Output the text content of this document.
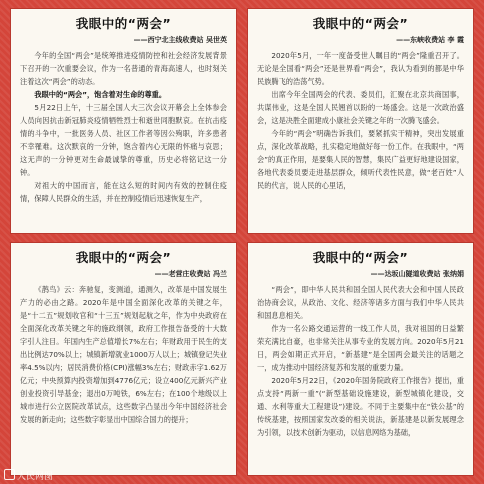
我眼中的“两会”
——西宁北主线收费站 吴世英

今年的全国“两会”是统筹推进疫情防控和社会经济发展背景下召开的一次重要会议，作为一名普通的青海高速人，也时刻关注着这次“两会”的动态。

我眼中的“两会”，饱含着对生命的尊重。

5月22日上午，十三届全国人大三次会议开幕会上全体参会人员向因抗击新冠肺炎疫情牺牲烈士和逝世同胞默哀。在抗击疫情的斗争中，一批医务人员、社区工作者等因公殉职，许多患者不幸罹难。这次默哀的一分钟，饱含着内心无限的怀痛与哀思；这无声的一分钟更对生命最诚挚的尊重，历史必将铭记这一分钟。

对祖大的中国而言，能在这么短的时间内有效的控制住疫情，保障人民群众的生活，并在控制疫情后迅速恢复生产，

我眼中的“两会”
——东峡收费站 李 霞

2020年5月，一年一度备受世人瞩目的“两会”隆重召开了。无论是全国看“两会”还是世界看“两会”，我认为看到的都是中华民族腾飞的浩荡气势。

出席今年全国两会的代表、委员们，汇聚在北京共商国事，共谋伟业，这是全国人民翘首以盼的一场盛会。这是一次政治盛会，这是决胜全面建成小康社会关键之年的一次腾飞盛会。

今年的“两会”明确告诉我们，要紧抓实干精神，突出发展重点，深化改革战略，扎实稳定地做好每一份工作。在我眼中，“两会”的真正作用，是要集人民的智慧，集民广益更好地建设国家，各地代表委员要走进基层群众，倾听代表性民意，做“老百姓”人民的代言，说人民的心里话，

我眼中的“两会”
——老营庄收费站 冯兰

《鹊鸟》云：奔驰复，变测道，通测久，改革是中国发展生产力的必由之路。2020年是中国全面深化改革的关键之年，是“十二五”规划收官和“十三五”规划起航之年，作为中央政府在全面深化改革关键之年的施政纲领，政府工作报告备受的十大数字引人注目。年国内生产总值增长7%左右；年财政用于民生的支出比例达70%以上；城镇新增就业1000万人以上；城镇登记失业率4.5%以内；居民消费价格(CPI)涨幅3%左右；财政赤字1.62万亿元；中央预算内投资增加到4776亿元；设立400亿元新兴产业创业投资引导基金；退出0万吨铁，6%左右；在100个地级以上城市进行公立医院改革试点，这些数字凸显出今年中国经济社会发展的新走向；这些数字彰显出中国综合国力的提升；

我眼中的“两会”
——达坂山隧道收费站 张纳娟

“两会”，即中华人民共和国全国人民代表大会和中国人民政治协商会议，从政治、文化、经济等诸多方面与我们中华人民共和国息息相关。

作为一名公路交通运营的一线工作人员，我对祖国的日益繁荣充满比自豪，也非常关注从事专业的发展方向。2020年5月21日，两会如期正式开启，“新基建”是全国两会最关注的话题之一，成为推动中国经济复苏和发展的重要力量。

2020年5月22日，《2020年国务院政府工作报告》提出，重点支持“两新一重”(“新型基础设施建设，新型城镇化建设，交通、水利等重大工程建设”)建设。不同于主要集中在“铁公基”的传统基建，按照国家发改委的相关说法，新基建是以新发展理念为引领，以技术创新为驱动，以信息网络为基础，

人民网图
